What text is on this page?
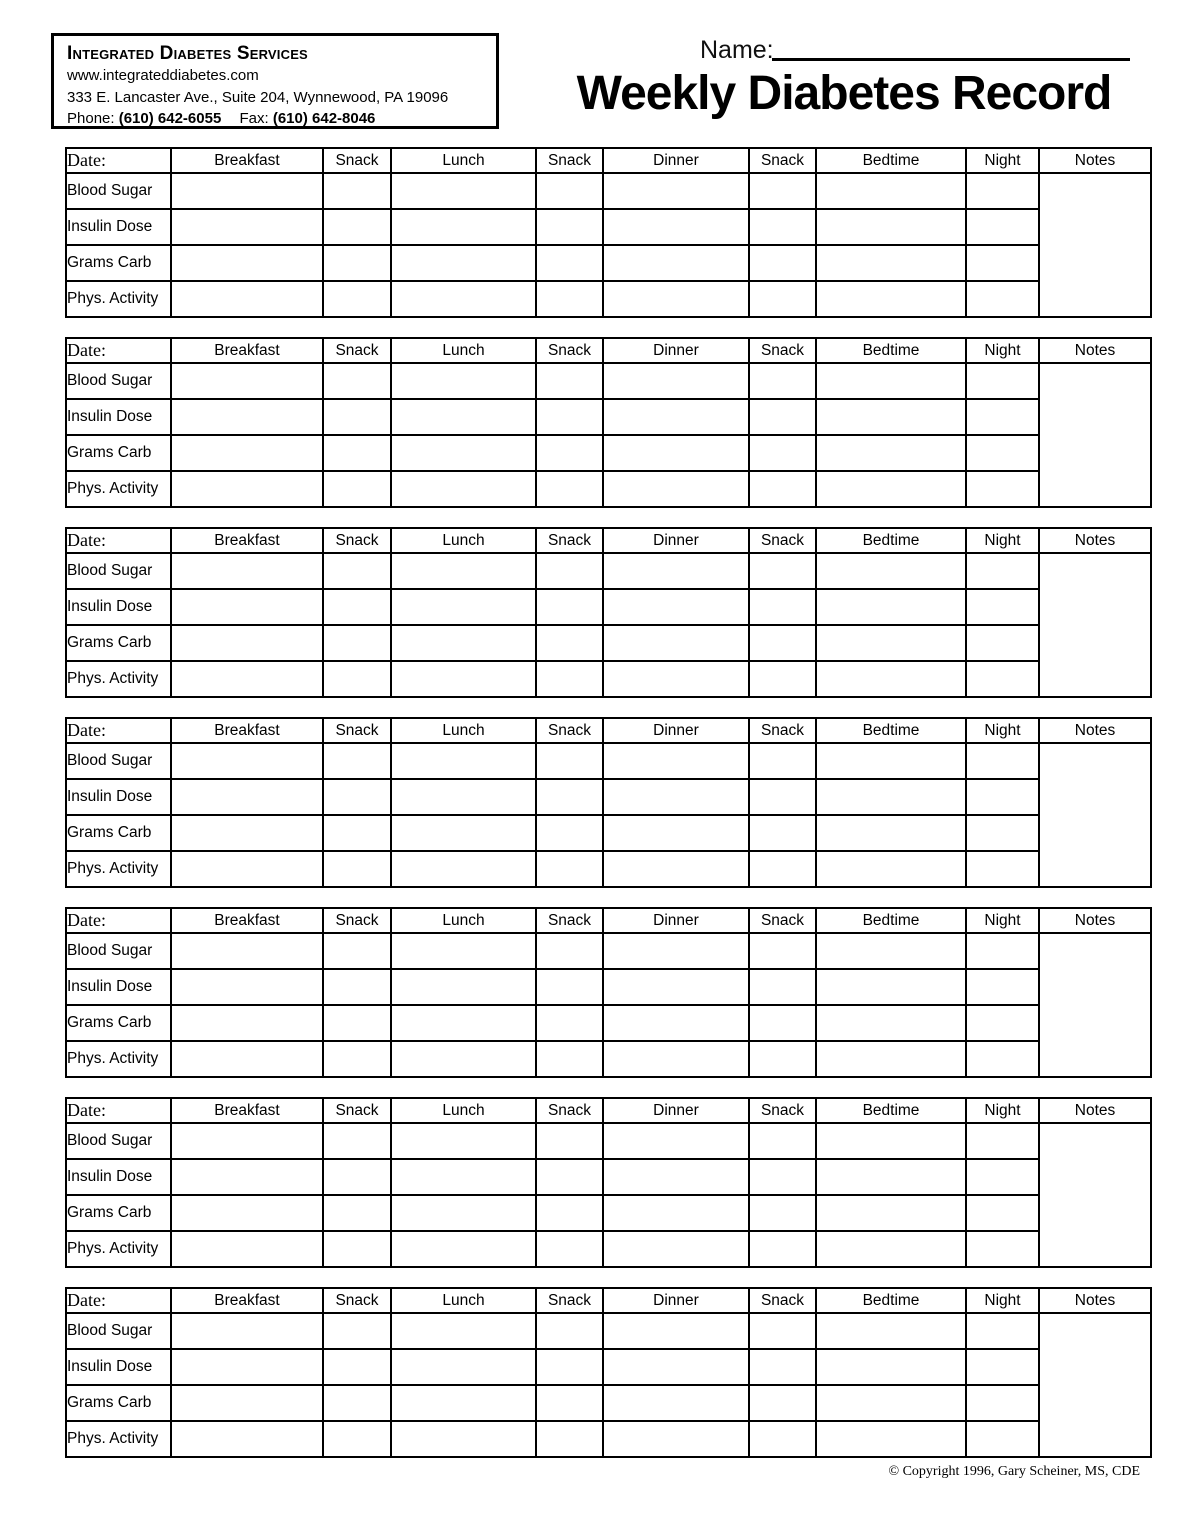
Integrated Diabetes Services
www.integrateddiabetes.com
333 E. Lancaster Ave., Suite 204, Wynnewood, PA 19096
Phone: (610) 642-6055 Fax: (610) 642-8046
Name:
Weekly Diabetes Record
Date:	Breakfast	Snack	Lunch	Snack	Dinner	Snack	Bedtime	Night	Notes
Blood Sugar									
Insulin Dose									
Grams Carb									
Phys. Activity									
Date:	Breakfast	Snack	Lunch	Snack	Dinner	Snack	Bedtime	Night	Notes
Blood Sugar									
Insulin Dose									
Grams Carb									
Phys. Activity									
Date:	Breakfast	Snack	Lunch	Snack	Dinner	Snack	Bedtime	Night	Notes
Blood Sugar									
Insulin Dose									
Grams Carb									
Phys. Activity									
Date:	Breakfast	Snack	Lunch	Snack	Dinner	Snack	Bedtime	Night	Notes
Blood Sugar									
Insulin Dose									
Grams Carb									
Phys. Activity									
Date:	Breakfast	Snack	Lunch	Snack	Dinner	Snack	Bedtime	Night	Notes
Blood Sugar									
Insulin Dose									
Grams Carb									
Phys. Activity									
Date:	Breakfast	Snack	Lunch	Snack	Dinner	Snack	Bedtime	Night	Notes
Blood Sugar									
Insulin Dose									
Grams Carb									
Phys. Activity									
Date:	Breakfast	Snack	Lunch	Snack	Dinner	Snack	Bedtime	Night	Notes
Blood Sugar									
Insulin Dose									
Grams Carb									
Phys. Activity									
© Copyright 1996, Gary Scheiner, MS, CDE
